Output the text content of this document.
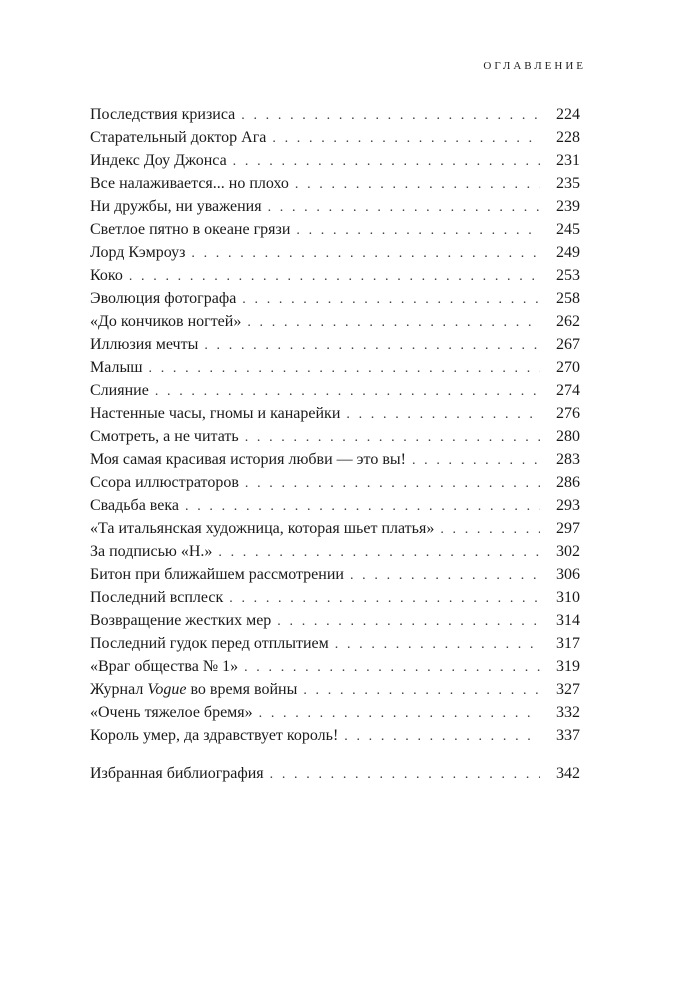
ОГЛАВЛЕНИЕ
Последствия кризиса . . .	224
Старательный доктор Ага . . .	228
Индекс Доу Джонса . . .	231
Все налаживается... но плохо . . .	235
Ни дружбы, ни уважения . . .	239
Светлое пятно в океане грязи . . .	245
Лорд Кэмроуз . . .	249
Коко . . .	253
Эволюция фотографа . . .	258
«До кончиков ногтей» . . .	262
Иллюзия мечты . . .	267
Малыш . . .	270
Слияние . . .	274
Настенные часы, гномы и канарейки . . .	276
Смотреть, а не читать . . .	280
Моя самая красивая история любви — это вы! . . .	283
Ссора иллюстраторов . . .	286
Свадьба века . . .	293
«Та итальянская художница, которая шьет платья» . . .	297
За подписью «Н.» . . .	302
Битон при ближайшем рассмотрении . . .	306
Последний всплеск . . .	310
Возвращение жестких мер . . .	314
Последний гудок перед отплытием . . .	317
«Враг общества № 1» . . .	319
Журнал Vogue во время войны . . .	327
«Очень тяжелое бремя» . . .	332
Король умер, да здравствует король! . . .	337
Избранная библиография . . .	342
